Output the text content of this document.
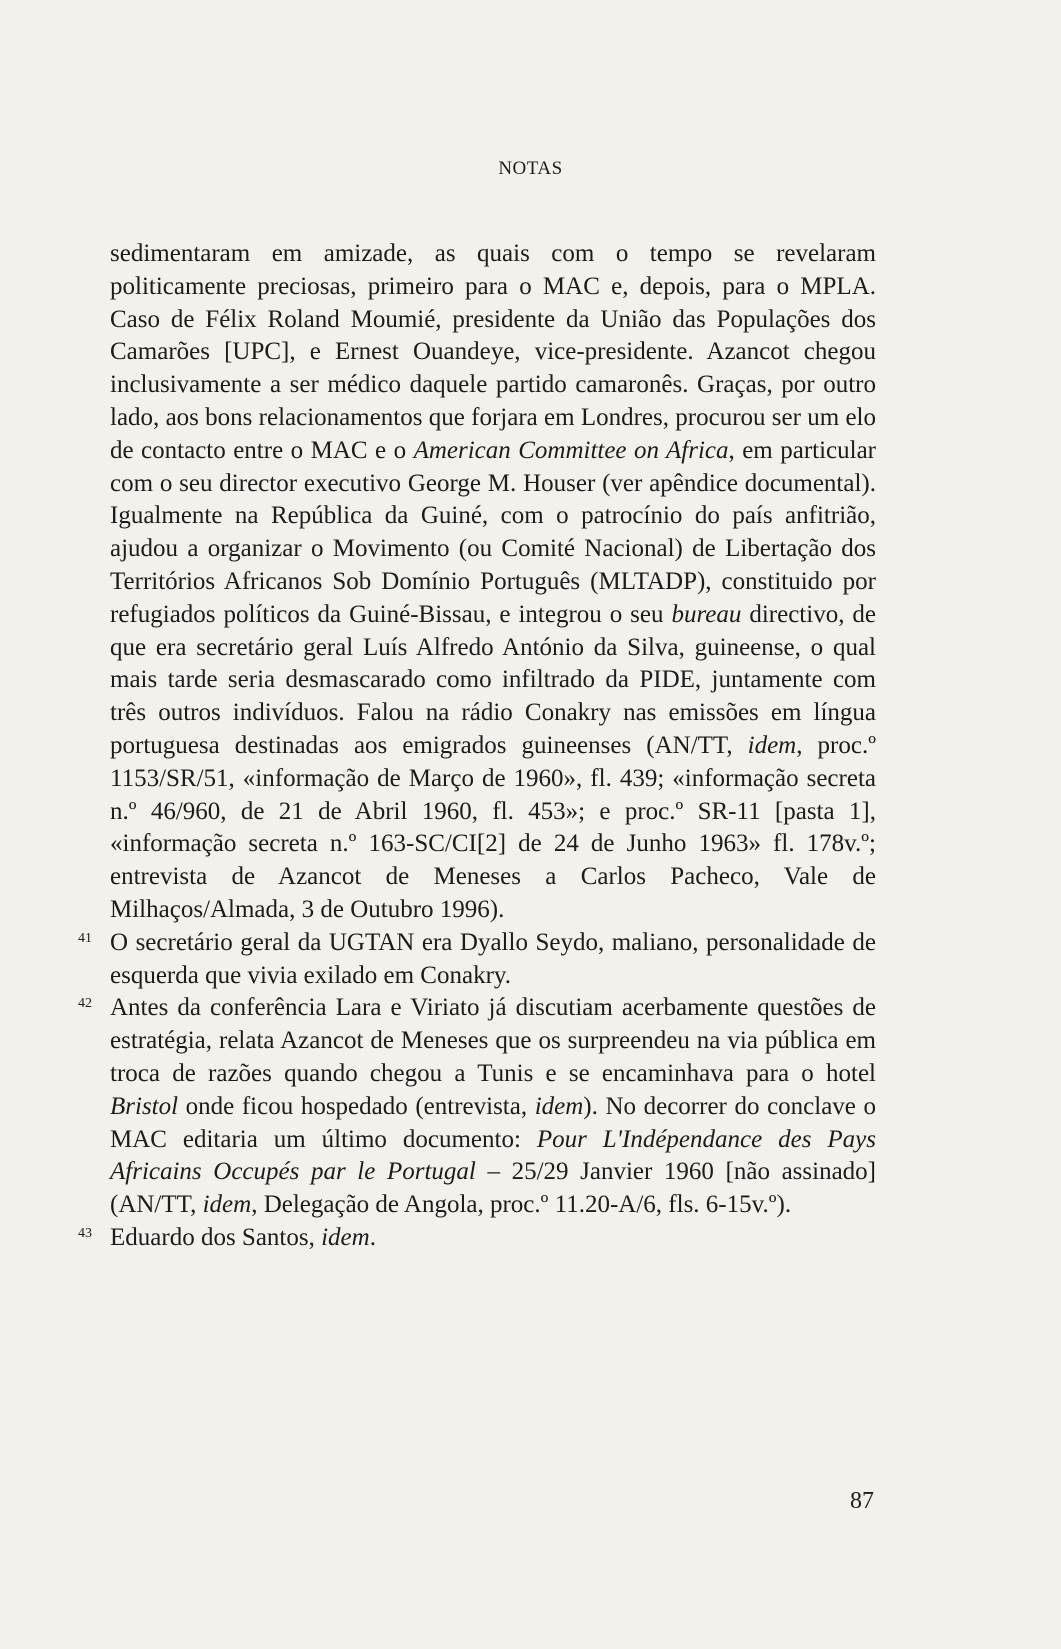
NOTAS

sedimentaram em amizade, as quais com o tempo se revelaram politicamente preciosas, primeiro para o MAC e, depois, para o MPLA. Caso de Félix Roland Moumié, presidente da União das Populações dos Camarões [UPC], e Ernest Ouandeye, vice-presidente. Azancot chegou inclusivamente a ser médico daquele partido camaronês. Graças, por outro lado, aos bons relacionamentos que forjara em Londres, procurou ser um elo de contacto entre o MAC e o American Committee on Africa, em particular com o seu director executivo George M. Houser (ver apêndice documental). Igualmente na República da Guiné, com o patrocínio do país anfitrião, ajudou a organizar o Movimento (ou Comité Nacional) de Libertação dos Territórios Africanos Sob Domínio Português (MLTADP), constituido por refugiados políticos da Guiné-Bissau, e integrou o seu bureau directivo, de que era secretário geral Luís Alfredo António da Silva, guineense, o qual mais tarde seria desmascarado como infiltrado da PIDE, juntamente com três outros indivíduos. Falou na rádio Conakry nas emissões em língua portuguesa destinadas aos emigrados guineenses (AN/TT, idem, proc.º 1153/SR/51, «informação de Março de 1960», fl. 439; «informação secreta n.º 46/960, de 21 de Abril 1960, fl. 453»; e proc.º SR-11 [pasta 1], «informação secreta n.º 163-SC/CI[2] de 24 de Junho 1963» fl. 178v.º; entrevista de Azancot de Meneses a Carlos Pacheco, Vale de Milhaços/Almada, 3 de Outubro 1996).

41 O secretário geral da UGTAN era Dyallo Seydo, maliano, personalidade de esquerda que vivia exilado em Conakry.

42 Antes da conferência Lara e Viriato já discutiam acerbamente questões de estratégia, relata Azancot de Meneses que os surpreendeu na via pública em troca de razões quando chegou a Tunis e se encaminhava para o hotel Bristol onde ficou hospedado (entrevista, idem). No decorrer do conclave o MAC editaria um último documento: Pour L'Indépendance des Pays Africains Occupés par le Portugal – 25/29 Janvier 1960 [não assinado] (AN/TT, idem, Delegação de Angola, proc.º 11.20-A/6, fls. 6-15v.º).

43 Eduardo dos Santos, idem.

87
